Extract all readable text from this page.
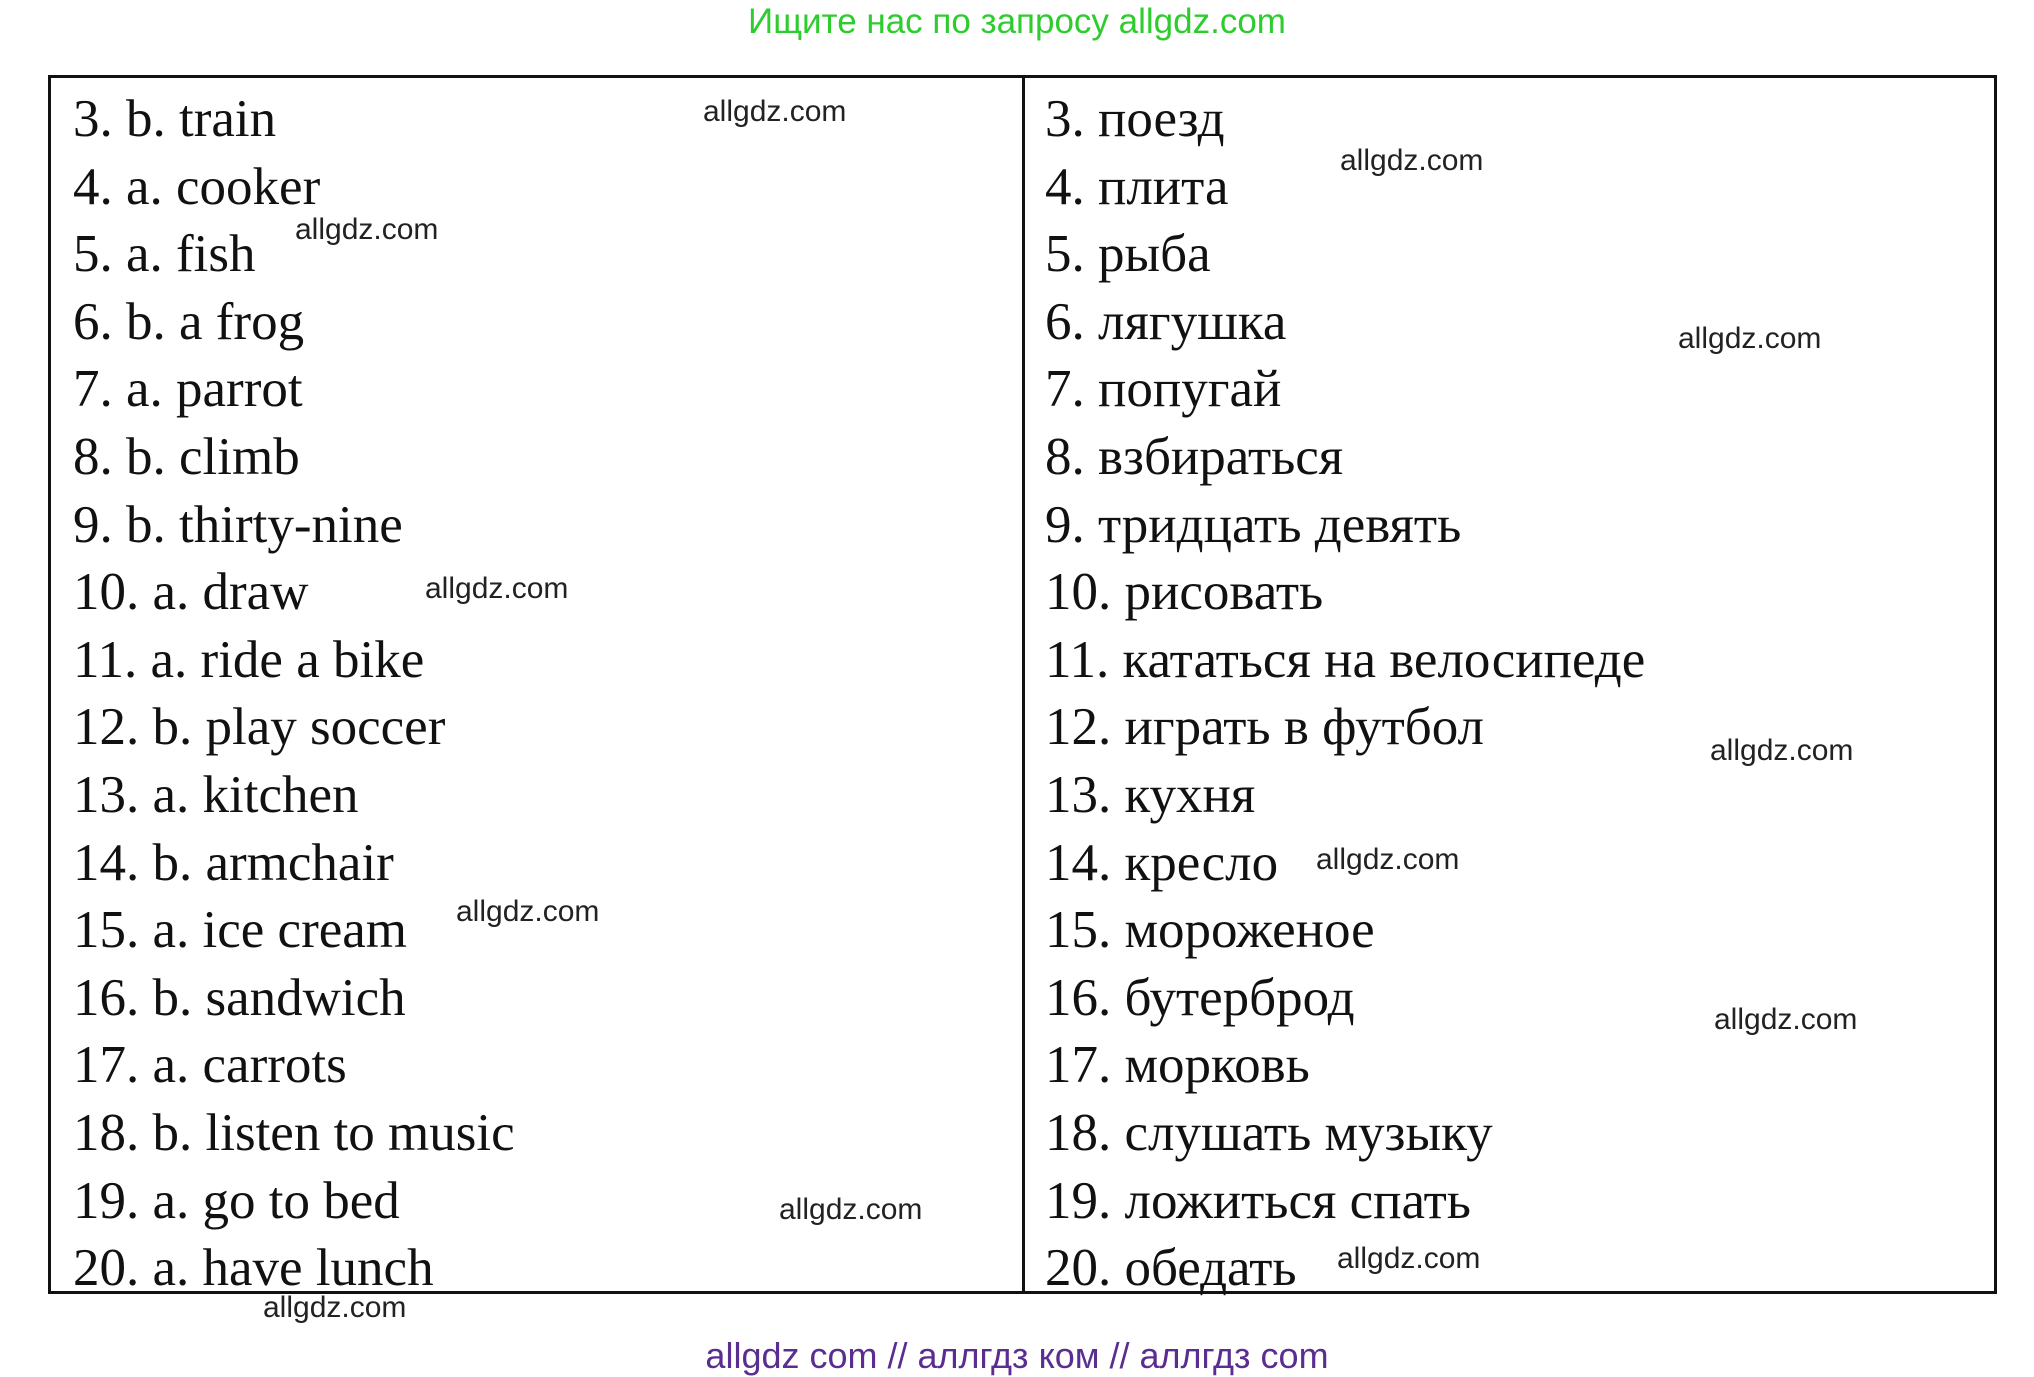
Ищите нас по запросу allgdz.com
3. b. train
4. a. cooker
5. a. fish
6. b. a frog
7. a. parrot
8. b. climb
9. b. thirty-nine
10. a. draw
11. a. ride a bike
12. b. play soccer
13. a. kitchen
14. b. armchair
15. a. ice cream
16. b. sandwich
17. a. carrots
18. b. listen to music
19. a. go to bed
20. a. have lunch
3. поезд
4. плита
5. рыба
6. лягушка
7. попугай
8. взбираться
9. тридцать девять
10. рисовать
11. кататься на велосипеде
12. играть в футбол
13. кухня
14. кресло
15. мороженое
16. бутерброд
17. морковь
18. слушать музыку
19. ложиться спать
20. обедать
allgdz.com
allgdz.com
allgdz.com
allgdz.com
allgdz.com
allgdz.com
allgdz.com
allgdz.com
allgdz.com
allgdz.com
allgdz.com
allgdz.com
allgdz com // аллгдз ком // аллгдз com
